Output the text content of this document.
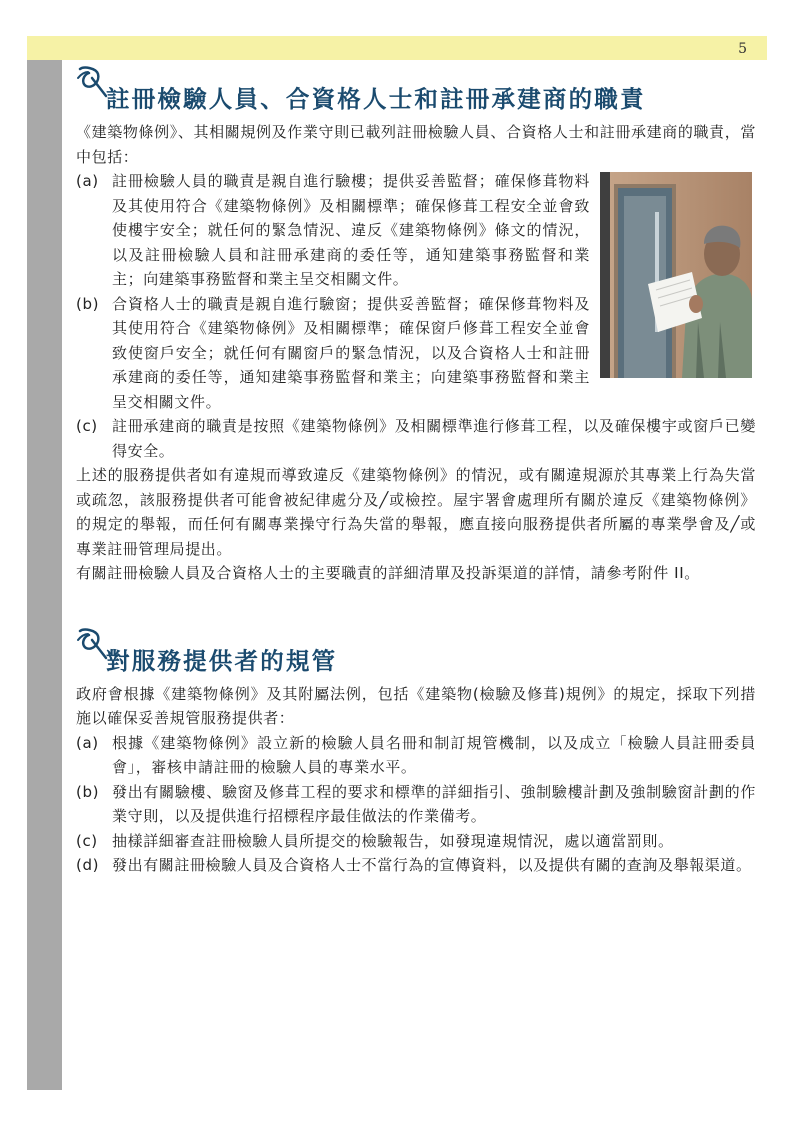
5
註冊檢驗人員、合資格人士和註冊承建商的職責

《建築物條例》、其相關規例及作業守則已載列註冊檢驗人員、合資格人士和註冊承建商的職責，當中包括：

(a) 註冊檢驗人員的職責是親自進行驗樓；提供妥善監督；確保修葺物料及其使用符合《建築物條例》及相關標準；確保修葺工程安全並會致使樓宇安全；就任何的緊急情況、違反《建築物條例》條文的情況，以及註冊檢驗人員和註冊承建商的委任等，通知建築事務監督和業主；向建築事務監督和業主呈交相關文件。
(b) 合資格人士的職責是親自進行驗窗；提供妥善監督；確保修葺物料及其使用符合《建築物條例》及相關標準；確保窗戶修葺工程安全並會致使窗戶安全；就任何有關窗戶的緊急情況，以及合資格人士和註冊承建商的委任等，通知建築事務監督和業主；向建築事務監督和業主呈交相關文件。
(c) 註冊承建商的職責是按照《建築物條例》及相關標準進行修葺工程，以及確保樓宇或窗戶已變得安全。

上述的服務提供者如有違規而導致違反《建築物條例》的情況，或有關違規源於其專業上行為失當或疏忽，該服務提供者可能會被紀律處分及╱或檢控。屋宇署會處理所有關於違反《建築物條例》的規定的舉報，而任何有關專業操守行為失當的舉報，應直接向服務提供者所屬的專業學會及╱或專業註冊管理局提出。

有關註冊檢驗人員及合資格人士的主要職責的詳細清單及投訴渠道的詳情，請參考附件 II。

對服務提供者的規管

政府會根據《建築物條例》及其附屬法例，包括《建築物(檢驗及修葺)規例》的規定，採取下列措施以確保妥善規管服務提供者：

(a) 根據《建築物條例》設立新的檢驗人員名冊和制訂規管機制，以及成立「檢驗人員註冊委員會」，審核申請註冊的檢驗人員的專業水平。
(b) 發出有關驗樓、驗窗及修葺工程的要求和標準的詳細指引、強制驗樓計劃及強制驗窗計劃的作業守則，以及提供進行招標程序最佳做法的作業備考。
(c) 抽樣詳細審查註冊檢驗人員所提交的檢驗報告，如發現違規情況，處以適當罰則。
(d) 發出有關註冊檢驗人員及合資格人士不當行為的宣傳資料，以及提供有關的查詢及舉報渠道。
